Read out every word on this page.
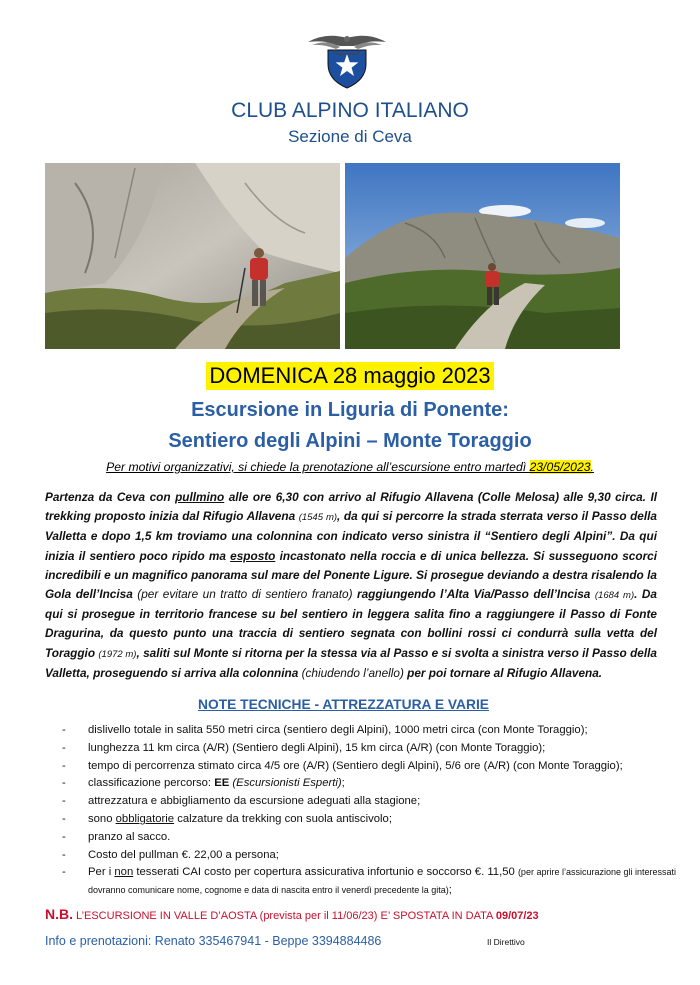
CLUB ALPINO ITALIANO
Sezione di Ceva
DOMENICA 28 maggio 2023
Escursione in Liguria di Ponente:
Sentiero degli Alpini – Monte Toraggio
Per motivi organizzativi, si chiede la prenotazione all’escursione entro martedì 23/05/2023.
Partenza da Ceva con pullmino alle ore 6,30 con arrivo al Rifugio Allavena (Colle Melosa) alle 9,30 circa. Il trekking proposto inizia dal Rifugio Allavena (1545 m), da qui si percorre la strada sterrata verso il Passo della Valletta e dopo 1,5 km troviamo una colonnina con indicato verso sinistra il “Sentiero degli Alpini”. Da qui inizia il sentiero poco ripido ma esposto incastonato nella roccia e di unica bellezza. Si susseguono scorci incredibili e un magnifico panorama sul mare del Ponente Ligure. Si prosegue deviando a destra risalendo la Gola dell’Incisa (per evitare un tratto di sentiero franato) raggiungendo l’Alta Via/Passo dell’Incisa (1684 m). Da qui si prosegue in territorio francese su bel sentiero in leggera salita fino a raggiungere il Passo di Fonte Dragurina, da questo punto una traccia di sentiero segnata con bollini rossi ci condurrà sulla vetta del Toraggio (1972 m), saliti sul Monte si ritorna per la stessa via al Passo e si svolta a sinistra verso il Passo della Valletta, proseguendo si arriva alla colonnina (chiudendo l’anello) per poi tornare al Rifugio Allavena.
NOTE TECNICHE - ATTREZZATURA E VARIE
- dislivello totale in salita 550 metri circa (sentiero degli Alpini), 1000 metri circa (con Monte Toraggio);
- lunghezza 11 km circa (A/R) (Sentiero degli Alpini), 15 km circa (A/R) (con Monte Toraggio);
- tempo di percorrenza stimato circa 4/5 ore (A/R) (Sentiero degli Alpini), 5/6 ore (A/R) (con Monte Toraggio);
- classificazione percorso: EE (Escursionisti Esperti);
- attrezzatura e abbigliamento da escursione adeguati alla stagione;
- sono obbligatorie calzature da trekking con suola antiscivolo;
- pranzo al sacco.
- Costo del pullman €. 22,00 a persona;
- Per i non tesserati CAI costo per copertura assicurativa infortunio e soccorso €. 11,50 (per aprire l’assicurazione gli interessati dovranno comunicare nome, cognome e data di nascita entro il venerdì precedente la gita);
N.B. L’ESCURSIONE IN VALLE D’AOSTA (prevista per il 11/06/23) E’ SPOSTATA IN DATA 09/07/23
Info e prenotazioni: Renato 335467941 - Beppe 3394884486	Il Direttivo
